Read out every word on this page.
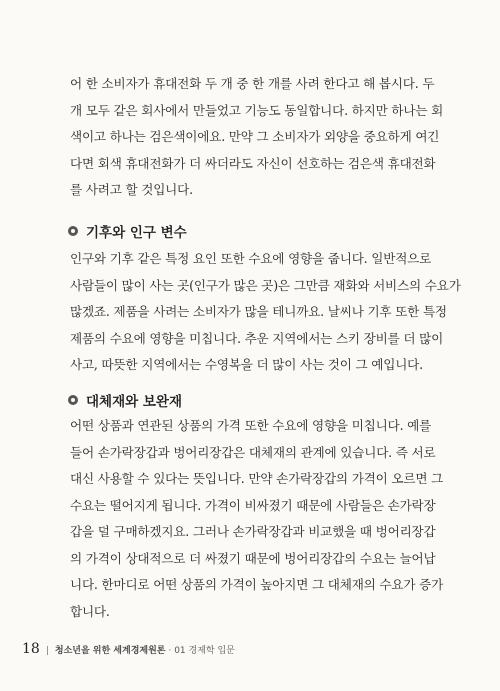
어 한 소비자가 휴대전화 두 개 중 한 개를 사려 한다고 해 봅시다. 두
개 모두 같은 회사에서 만들었고 기능도 동일합니다. 하지만 하나는 회
색이고 하나는 검은색이에요. 만약 그 소비자가 외양을 중요하게 여긴
다면 회색 휴대전화가 더 싸더라도 자신이 선호하는 검은색 휴대전화
를 사려고 할 것입니다.

기후와 인구 변수

인구와 기후 같은 특정 요인 또한 수요에 영향을 줍니다. 일반적으로
사람들이 많이 사는 곳(인구가 많은 곳)은 그만큼 재화와 서비스의 수요가
많겠죠. 제품을 사려는 소비자가 많을 테니까요. 날씨나 기후 또한 특정
제품의 수요에 영향을 미칩니다. 추운 지역에서는 스키 장비를 더 많이
사고, 따뜻한 지역에서는 수영복을 더 많이 사는 것이 그 예입니다.

대체재와 보완재

어떤 상품과 연관된 상품의 가격 또한 수요에 영향을 미칩니다. 예를
들어 손가락장갑과 벙어리장갑은 대체재의 관계에 있습니다. 즉 서로
대신 사용할 수 있다는 뜻입니다. 만약 손가락장갑의 가격이 오르면 그
수요는 떨어지게 됩니다. 가격이 비싸졌기 때문에 사람들은 손가락장
갑을 덜 구매하겠지요. 그러나 손가락장갑과 비교했을 때 벙어리장갑
의 가격이 상대적으로 더 싸졌기 때문에 벙어리장갑의 수요는 늘어납
니다. 한마디로 어떤 상품의 가격이 높아지면 그 대체재의 수요가 증가
합니다.

18 | 청소년을 위한 세계경제원론 · 01 경제학 입문
